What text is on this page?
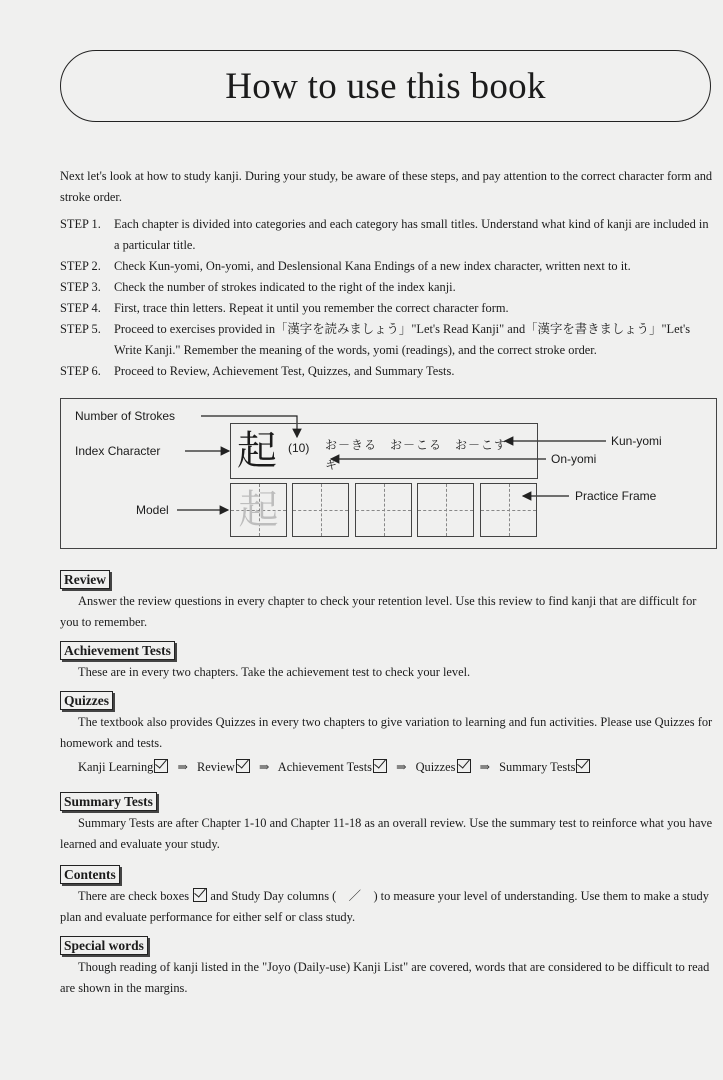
How to use this book

Next let's look at how to study kanji. During your study, be aware of these steps, and pay attention to the correct character form and stroke order.

STEP 1.	Each chapter is divided into categories and each category has small titles. Understand what kind of kanji are included in a particular title.
STEP 2.	Check Kun-yomi, On-yomi, and Deslensional Kana Endings of a new index character, written next to it.
STEP 3.	Check the number of strokes indicated to the right of the index kanji.
STEP 4.	First, trace thin letters. Repeat it until you remember the correct character form.
STEP 5.	Proceed to exercises provided in「漢字を読みましょう」"Let's Read Kanji" and「漢字を書きましょう」"Let's Write Kanji." Remember the meaning of the words, yomi (readings), and the correct stroke order.
STEP 6.	Proceed to Review, Achievement Test, Quizzes, and Summary Tests.
Number of Strokes
Index Character
Model
Kun-yomi
On-yomi
Practice Frame
起 (10) お－きる　お－こる　お－こす
キ
起
Review

Answer the review questions in every chapter to check your retention level. Use this review to find kanji that are difficult for you to remember.

Achievement Tests

These are in every two chapters. Take the achievement test to check your level.

Quizzes

The textbook also provides Quizzes in every two chapters to give variation to learning and fun activities. Please use Quizzes for homework and tests.

Kanji Learning ⇒ Review ⇒ Achievement Tests ⇒ Quizzes ⇒ Summary Tests
Summary Tests

Summary Tests are after Chapter 1-10 and Chapter 11-18 as an overall review. Use the summary test to reinforce what you have learned and evaluate your study.

Contents

There are check boxes and Study Day columns (　／　) to measure your level of understanding. Use them to make a study plan and evaluate performance for either self or class study.

Special words

Though reading of kanji listed in the "Joyo (Daily-use) Kanji List" are covered, words that are considered to be difficult to read are shown in the margins.
